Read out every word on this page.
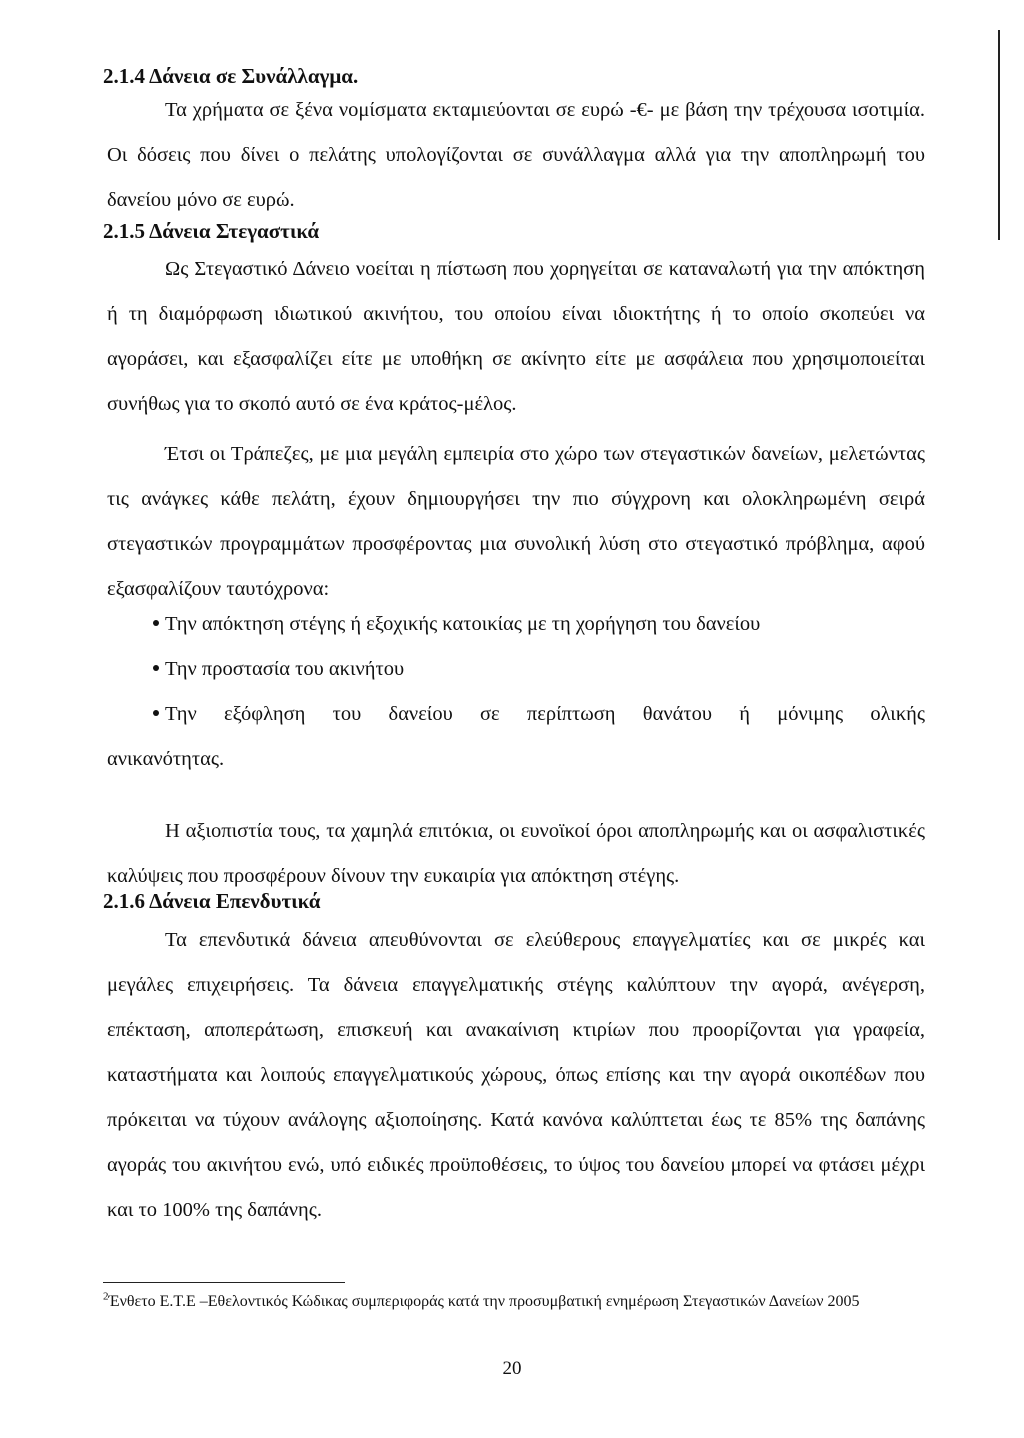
2.1.4 Δάνεια σε Συνάλλαγμα.

Τα χρήματα σε ξένα νομίσματα εκταμιεύονται σε ευρώ -€- με βάση την τρέχουσα ισοτιμία. Οι δόσεις που δίνει ο πελάτης υπολογίζονται σε συνάλλαγμα αλλά για την αποπληρωμή του δανείου μόνο σε ευρώ.

2.1.5 Δάνεια Στεγαστικά

Ως Στεγαστικό Δάνειο νοείται η πίστωση που χορηγείται σε καταναλωτή για την απόκτηση ή τη διαμόρφωση ιδιωτικού ακινήτου, του οποίου είναι ιδιοκτήτης ή το οποίο σκοπεύει να αγοράσει, και εξασφαλίζει είτε με υποθήκη σε ακίνητο είτε με ασφάλεια που χρησιμοποιείται συνήθως για το σκοπό αυτό σε ένα κράτος-μέλος.

Έτσι οι Τράπεζες, με μια μεγάλη εμπειρία στο χώρο των στεγαστικών δανείων, μελετώντας τις ανάγκες κάθε πελάτη, έχουν δημιουργήσει την πιο σύγχρονη και ολοκληρωμένη σειρά στεγαστικών προγραμμάτων προσφέροντας μια συνολική λύση στο στεγαστικό πρόβλημα, αφού εξασφαλίζουν ταυτόχρονα:

Την απόκτηση στέγης ή εξοχικής κατοικίας με τη χορήγηση του δανείου
Την προστασία του ακινήτου
Την εξόφληση του δανείου σε περίπτωση θανάτου ή μόνιμης ολικής
ανικανότητας.

Η αξιοπιστία τους, τα χαμηλά επιτόκια, οι ευνοϊκοί όροι αποπληρωμής και οι ασφαλιστικές καλύψεις που προσφέρουν δίνουν την ευκαιρία για απόκτηση στέγης.

2.1.6 Δάνεια Επενδυτικά

Τα επενδυτικά δάνεια απευθύνονται σε ελεύθερους επαγγελματίες και σε μικρές και μεγάλες επιχειρήσεις. Τα δάνεια επαγγελματικής στέγης καλύπτουν την αγορά, ανέγερση, επέκταση, αποπεράτωση, επισκευή και ανακαίνιση κτιρίων που προορίζονται για γραφεία, καταστήματα και λοιπούς επαγγελματικούς χώρους, όπως επίσης και την αγορά οικοπέδων που πρόκειται να τύχουν ανάλογης αξιοποίησης. Κατά κανόνα καλύπτεται έως τε 85% της δαπάνης αγοράς του ακινήτου ενώ, υπό ειδικές προϋποθέσεις, το ύψος του δανείου μπορεί να φτάσει μέχρι και το 100% της δαπάνης.

$^2$Ένθετο Ε.Τ.Ε –Εθελοντικός Κώδικας συμπεριφοράς κατά την προσυμβατική ενημέρωση Στεγαστικών Δανείων 2005
20
